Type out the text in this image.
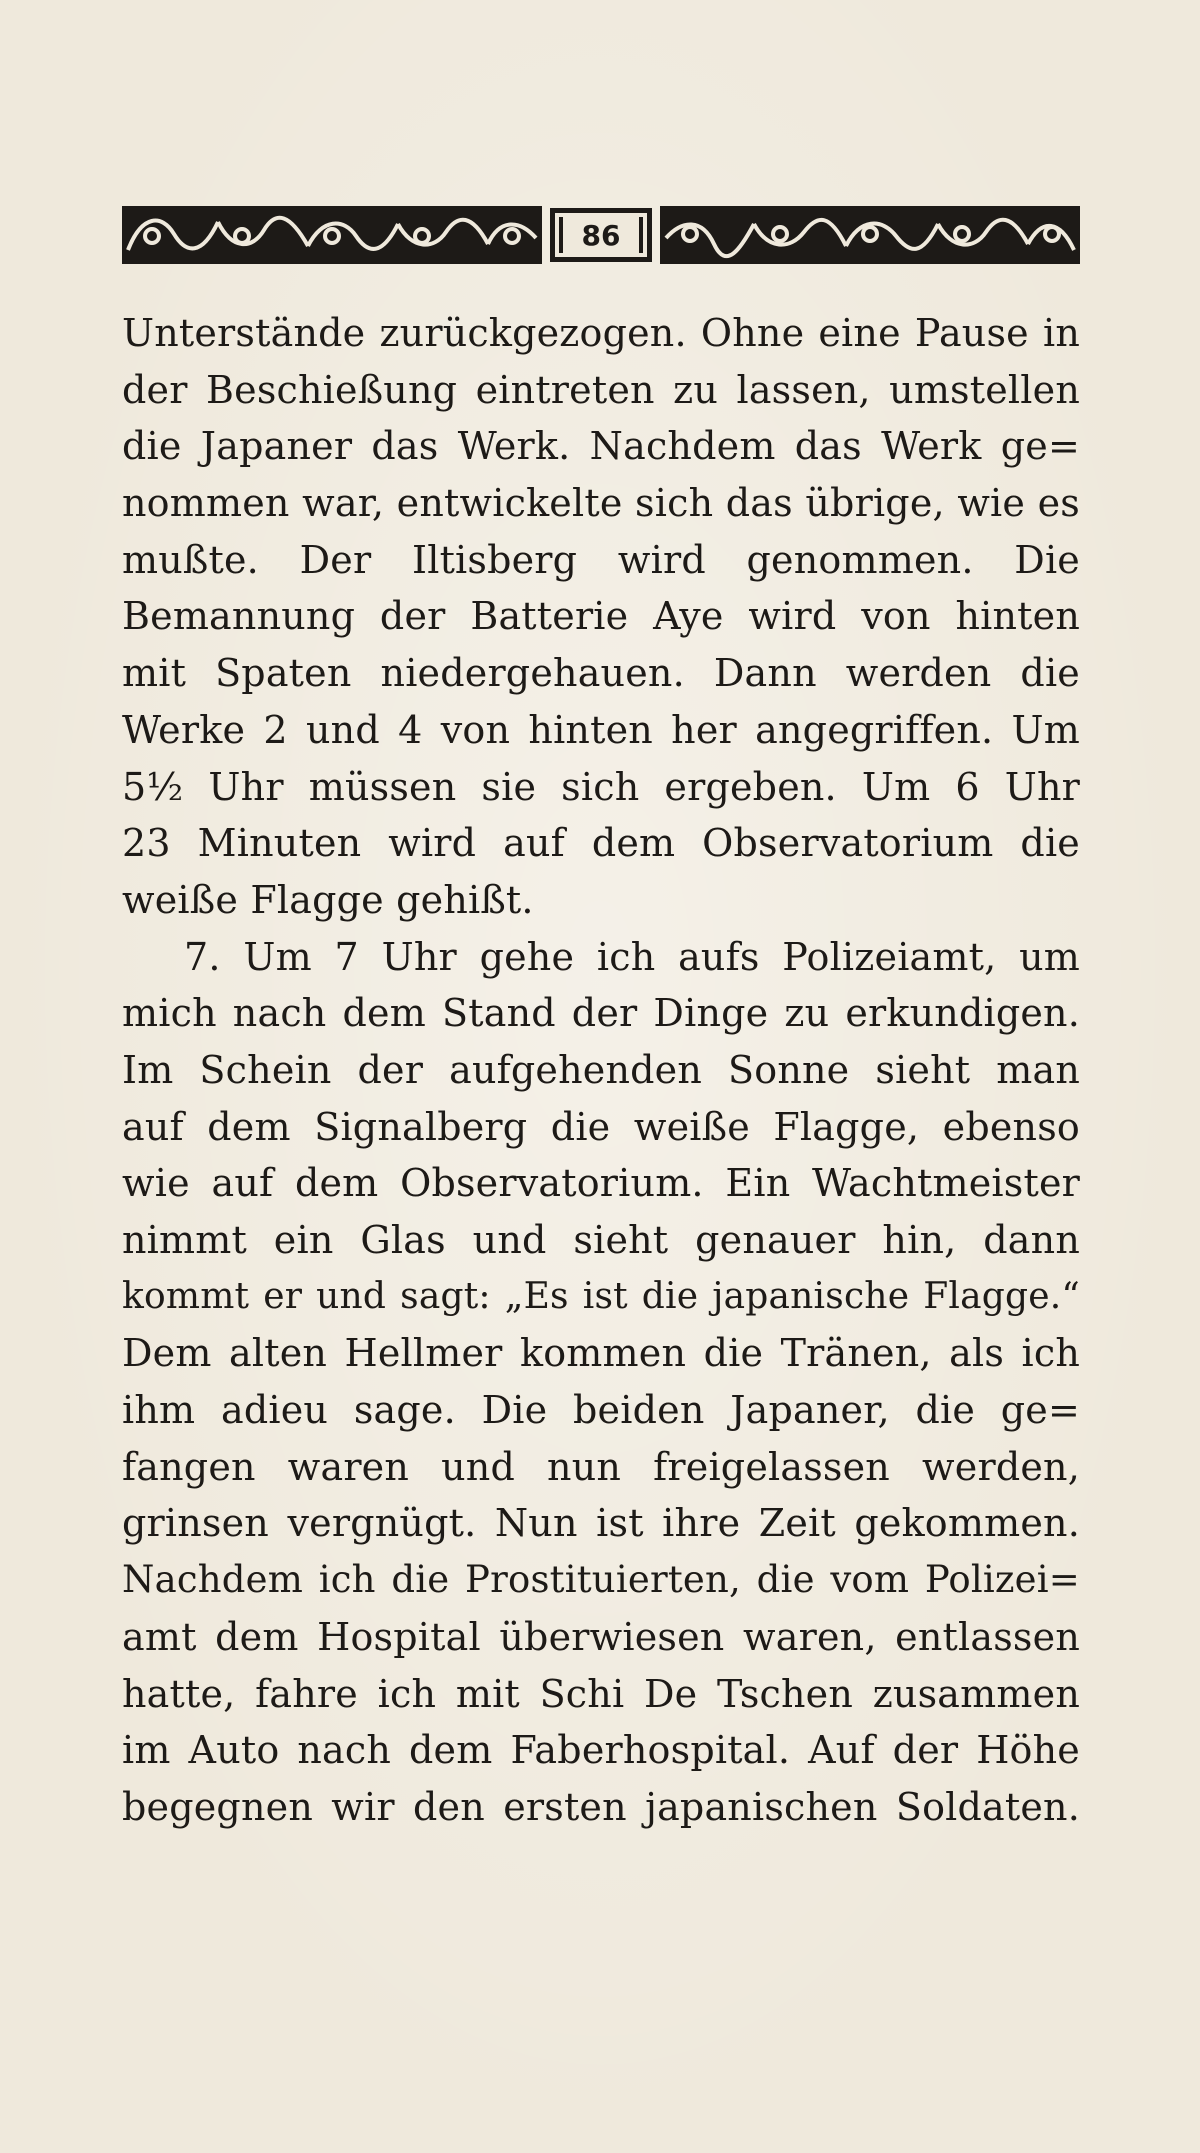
86
Unterstände zurückgezogen. Ohne eine Pause in
der Beschießung eintreten zu lassen, umstellen
die Japaner das Werk. Nachdem das Werk ge=
nommen war, entwickelte sich das übrige, wie es
mußte. Der Iltisberg wird genommen. Die
Bemannung der Batterie Aye wird von hinten
mit Spaten niedergehauen. Dann werden die
Werke 2 und 4 von hinten her angegriffen. Um
5½ Uhr müssen sie sich ergeben. Um 6 Uhr
23 Minuten wird auf dem Observatorium die
weiße Flagge gehißt.
7. Um 7 Uhr gehe ich aufs Polizeiamt, um
mich nach dem Stand der Dinge zu erkundigen.
Im Schein der aufgehenden Sonne sieht man
auf dem Signalberg die weiße Flagge, ebenso
wie auf dem Observatorium. Ein Wachtmeister
nimmt ein Glas und sieht genauer hin, dann
kommt er und sagt: „Es ist die japanische Flagge.“
Dem alten Hellmer kommen die Tränen, als ich
ihm adieu sage. Die beiden Japaner, die ge=
fangen waren und nun freigelassen werden,
grinsen vergnügt. Nun ist ihre Zeit gekommen.
Nachdem ich die Prostituierten, die vom Polizei=
amt dem Hospital überwiesen waren, entlassen
hatte, fahre ich mit Schi De Tschen zusammen
im Auto nach dem Faberhospital. Auf der Höhe
begegnen wir den ersten japanischen Soldaten.
